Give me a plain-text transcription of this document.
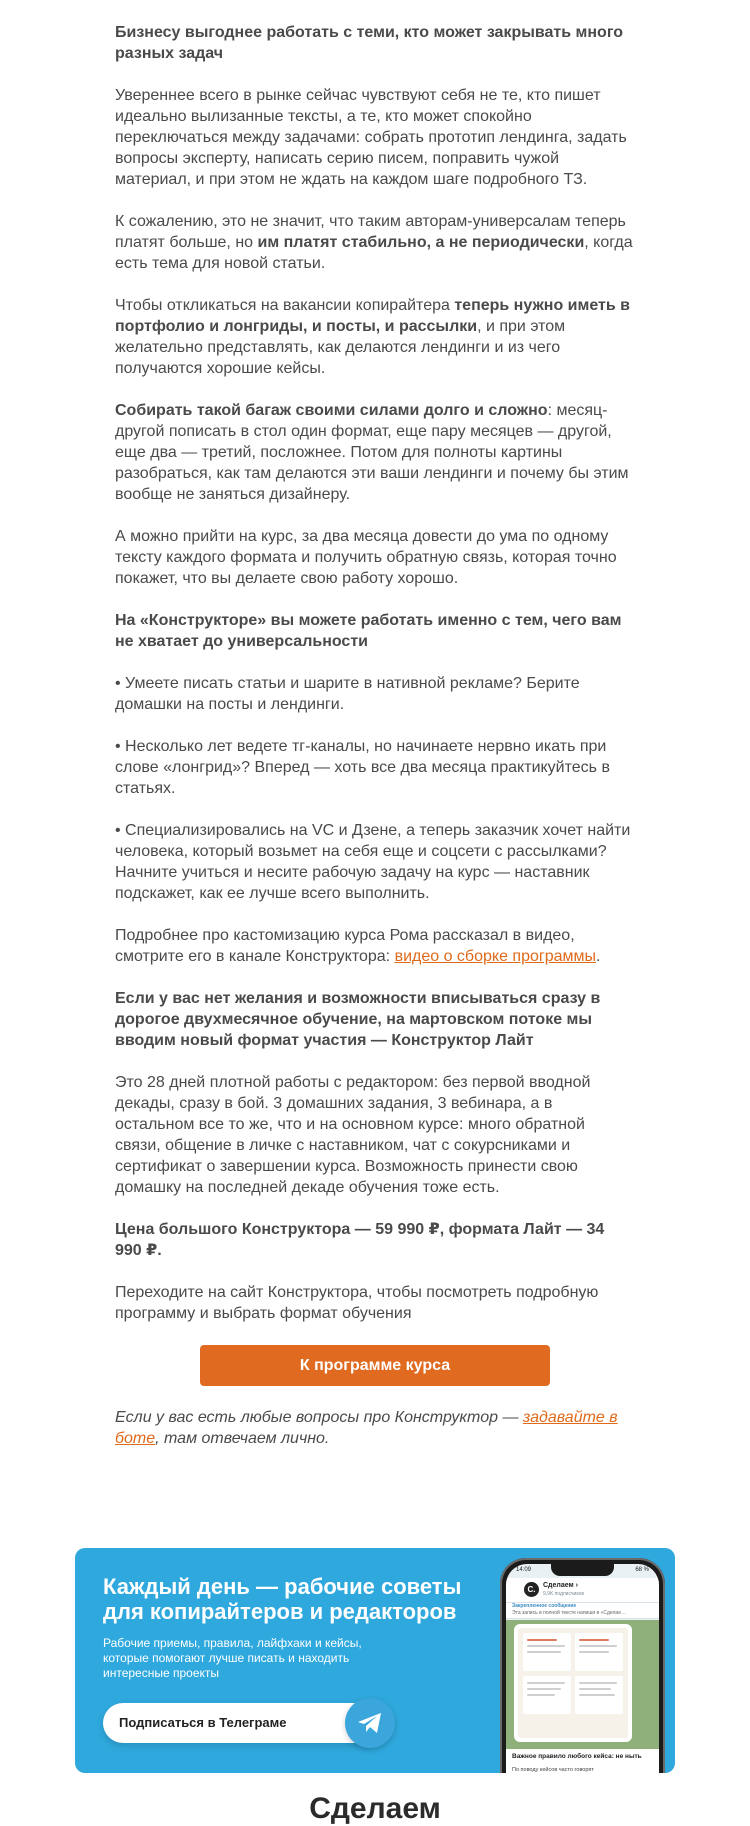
Бизнесу выгоднее работать с теми, кто может закрывать много разных задач

Увереннее всего в рынке сейчас чувствуют себя не те, кто пишет идеально вылизанные тексты, а те, кто может спокойно переключаться между задачами: собрать прототип лендинга, задать вопросы эксперту, написать серию писем, поправить чужой материал, и при этом не ждать на каждом шаге подробного ТЗ.

К сожалению, это не значит, что таким авторам-универсалам теперь платят больше, но им платят стабильно, а не периодически, когда есть тема для новой статьи.

Чтобы откликаться на вакансии копирайтера теперь нужно иметь в портфолио и лонгриды, и посты, и рассылки, и при этом желательно представлять, как делаются лендинги и из чего получаются хорошие кейсы.

Собирать такой багаж своими силами долго и сложно: месяц-другой пописать в стол один формат, еще пару месяцев — другой, еще два — третий, посложнее. Потом для полноты картины разобраться, как там делаются эти ваши лендинги и почему бы этим вообще не заняться дизайнеру.

А можно прийти на курс, за два месяца довести до ума по одному тексту каждого формата и получить обратную связь, которая точно покажет, что вы делаете свою работу хорошо.

На «Конструкторе» вы можете работать именно с тем, чего вам не хватает до универсальности

• Умеете писать статьи и шарите в нативной рекламе? Берите домашки на посты и лендинги.

• Несколько лет ведете тг-каналы, но начинаете нервно икать при слове «лонгрид»? Вперед — хоть все два месяца практикуйтесь в статьях.

• Специализировались на VC и Дзене, а теперь заказчик хочет найти человека, который возьмет на себя еще и соцсети с рассылками? Начните учиться и несите рабочую задачу на курс — наставник подскажет, как ее лучше всего выполнить.

Подробнее про кастомизацию курса Рома рассказал в видео, смотрите его в канале Конструктора: видео о сборке программы.

Если у вас нет желания и возможности вписываться сразу в дорогое двухмесячное обучение, на мартовском потоке мы вводим новый формат участия — Конструктор Лайт

Это 28 дней плотной работы с редактором: без первой вводной декады, сразу в бой. 3 домашних задания, 3 вебинара, а в остальном все то же, что и на основном курсе: много обратной связи, общение в личке с наставником, чат с сокурсниками и сертификат о завершении курса. Возможность принести свою домашку на последней декаде обучения тоже есть.

Цена большого Конструктора — 59 990 ₽, формата Лайт — 34 990 ₽.

Переходите на сайт Конструктора, чтобы посмотреть подробную программу и выбрать формат обучения

К программе курса

Если у вас есть любые вопросы про Конструктор — задавайте в боте, там отвечаем лично.

Каждый день — рабочие советы для копирайтеров и редакторов
Рабочие приемы, правила, лайфхаки и кейсы, которые помогают лучше писать и находить интересные проекты
Подписаться в Телеграме
14:09	68 %
C.	Сделаем ›
9,9K подписчиков
Закрепленное сообщение
Эта запись в полной тексте напиши в «Сделае…
Важное правило любого кейса: не ныть
По поводу кейсов часто говорят
Сделаем
